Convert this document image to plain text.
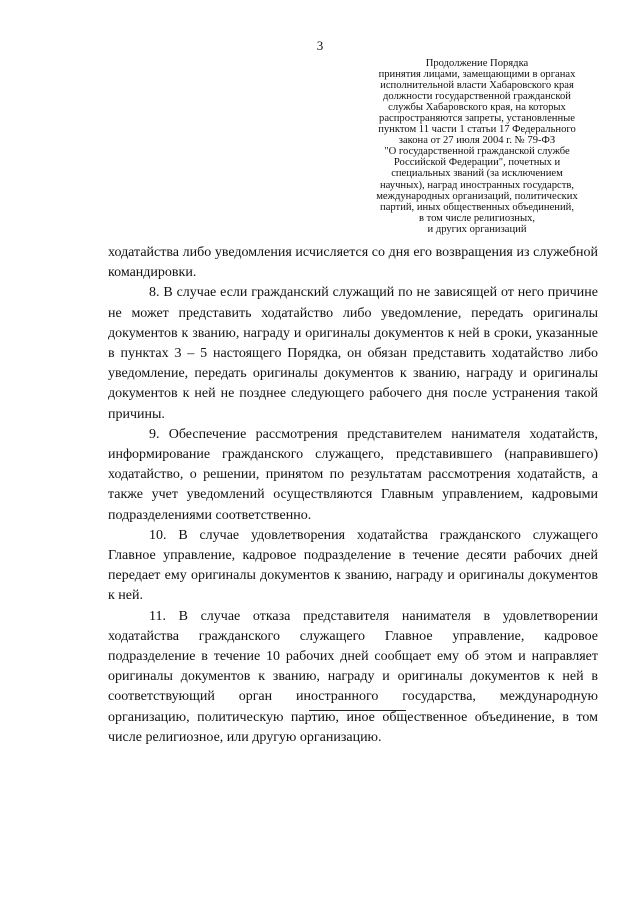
3
Продолжение Порядка
принятия лицами, замещающими в органах
исполнительной власти Хабаровского края
должности государственной гражданской
службы Хабаровского края, на которых
распространяются запреты, установленные
пунктом 11 части 1 статьи 17 Федерального
закона от 27 июля 2004 г. № 79-ФЗ
"О государственной гражданской службе
Российской Федерации", почетных и
специальных званий (за исключением
научных), наград иностранных государств,
международных организаций, политических
партий, иных общественных объединений,
в том числе религиозных,
и других организаций

ходатайства либо уведомления исчисляется со дня его возвращения из служебной командировки.

8. В случае если гражданский служащий по не зависящей от него причине не может представить ходатайство либо уведомление, передать оригиналы документов к званию, награду и оригиналы документов к ней в сроки, указанные в пунктах 3 – 5 настоящего Порядка, он обязан представить ходатайство либо уведомление, передать оригиналы документов к званию, награду и оригиналы документов к ней не позднее следующего рабочего дня после устранения такой причины.

9. Обеспечение рассмотрения представителем нанимателя ходатайств, информирование гражданского служащего, представившего (направившего) ходатайство, о решении, принятом по результатам рассмотрения ходатайств, а также учет уведомлений осуществляются Главным управлением, кадровыми подразделениями соответственно.

10. В случае удовлетворения ходатайства гражданского служащего Главное управление, кадровое подразделение в течение десяти рабочих дней передает ему оригиналы документов к званию, награду и оригиналы документов к ней.

11. В случае отказа представителя нанимателя в удовлетворении ходатайства гражданского служащего Главное управление, кадровое подразделение в течение 10 рабочих дней сообщает ему об этом и направляет оригиналы документов к званию, награду и оригиналы документов к ней в соответствующий орган иностранного государства, международную организацию, политическую партию, иное общественное объединение, в том числе религиозное, или другую организацию.
